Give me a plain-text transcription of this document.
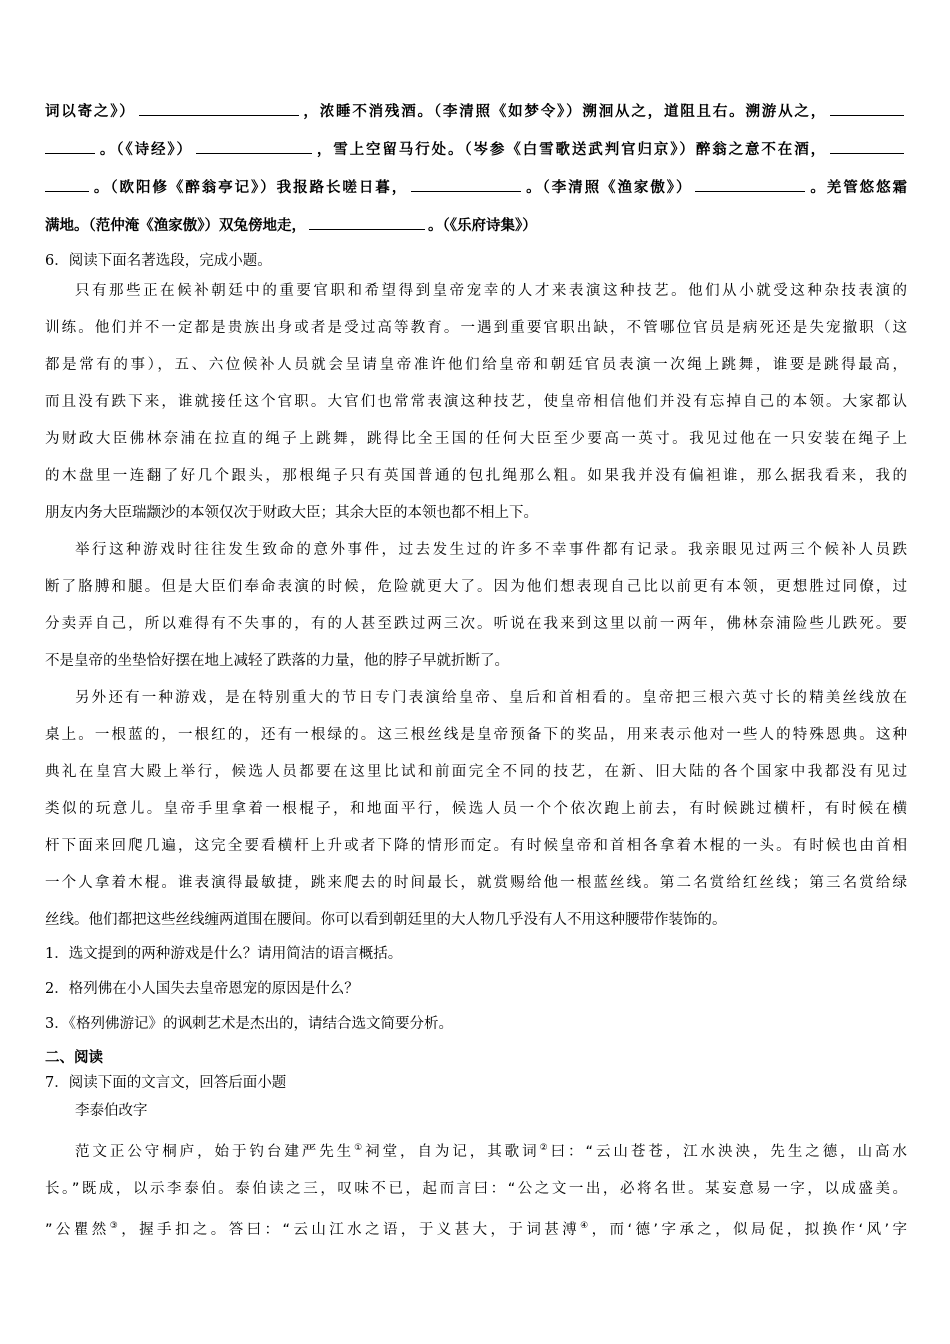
词以寄之》）	，浓睡不消残酒。（李清照《如梦令》）溯洄从之，道阻且右。溯游从之，
。（《诗经》）	，雪上空留马行处。（岑参《白雪歌送武判官归京》）醉翁之意不在酒，
。（欧阳修《醉翁亭记》）我报路长嗟日暮，	。（李清照《渔家傲》）	。羌管悠悠霜
满地。（范仲淹《渔家傲》）双兔傍地走，	。（《乐府诗集》）
6．阅读下面名著选段，完成小题。
只有那些正在候补朝廷中的重要官职和希望得到皇帝宠幸的人才来表演这种技艺。他们从小就受这种杂技表演的
训练。他们并不一定都是贵族出身或者是受过高等教育。一遇到重要官职出缺，不管哪位官员是病死还是失宠撤职（这
都是常有的事），五、六位候补人员就会呈请皇帝准许他们给皇帝和朝廷官员表演一次绳上跳舞，谁要是跳得最高，
而且没有跌下来，谁就接任这个官职。大官们也常常表演这种技艺，使皇帝相信他们并没有忘掉自己的本领。大家都认
为财政大臣佛林奈浦在拉直的绳子上跳舞，跳得比全王国的任何大臣至少要高一英寸。我见过他在一只安装在绳子上
的木盘里一连翻了好几个跟头，那根绳子只有英国普通的包扎绳那么粗。如果我并没有偏袒谁，那么据我看来，我的
朋友内务大臣瑞颛沙的本领仅次于财政大臣；其余大臣的本领也都不相上下。
举行这种游戏时往往发生致命的意外事件，过去发生过的许多不幸事件都有记录。我亲眼见过两三个候补人员跌
断了胳膊和腿。但是大臣们奉命表演的时候，危险就更大了。因为他们想表现自己比以前更有本领，更想胜过同僚，过
分卖弄自己，所以难得有不失事的，有的人甚至跌过两三次。听说在我来到这里以前一两年，佛林奈浦险些儿跌死。要
不是皇帝的坐垫恰好摆在地上减轻了跌落的力量，他的脖子早就折断了。
另外还有一种游戏，是在特别重大的节日专门表演给皇帝、皇后和首相看的。皇帝把三根六英寸长的精美丝线放在
桌上。一根蓝的，一根红的，还有一根绿的。这三根丝线是皇帝预备下的奖品，用来表示他对一些人的特殊恩典。这种
典礼在皇宫大殿上举行，候选人员都要在这里比试和前面完全不同的技艺，在新、旧大陆的各个国家中我都没有见过
类似的玩意儿。皇帝手里拿着一根棍子，和地面平行，候选人员一个个依次跑上前去，有时候跳过横杆，有时候在横
杆下面来回爬几遍，这完全要看横杆上升或者下降的情形而定。有时候皇帝和首相各拿着木棍的一头。有时候也由首相
一个人拿着木棍。谁表演得最敏捷，跳来爬去的时间最长，就赏赐给他一根蓝丝线。第二名赏给红丝线；第三名赏给绿
丝线。他们都把这些丝线缠两道围在腰间。你可以看到朝廷里的大人物几乎没有人不用这种腰带作装饰的。
1．选文提到的两种游戏是什么？请用简洁的语言概括。
2．格列佛在小人国失去皇帝恩宠的原因是什么？
3．《格列佛游记》的讽刺艺术是杰出的，请结合选文简要分析。
二、阅读
7．阅读下面的文言文，回答后面小题
李泰伯改字
范文正公守桐庐，始于钓台建严先生①祠堂，自为记，其歌词②曰：“云山苍苍，江水泱泱，先生之德，山高水
长。”既成，以示李泰伯。泰伯读之三，叹味不已，起而言曰：“公之文一出，必将名世。某妄意易一字，以成盛美。
”公瞿然③，握手扣之。答曰：“云山江水之语，于义甚大，于词甚溥④，而‘德’字承之，似局促，拟换作‘风’字
